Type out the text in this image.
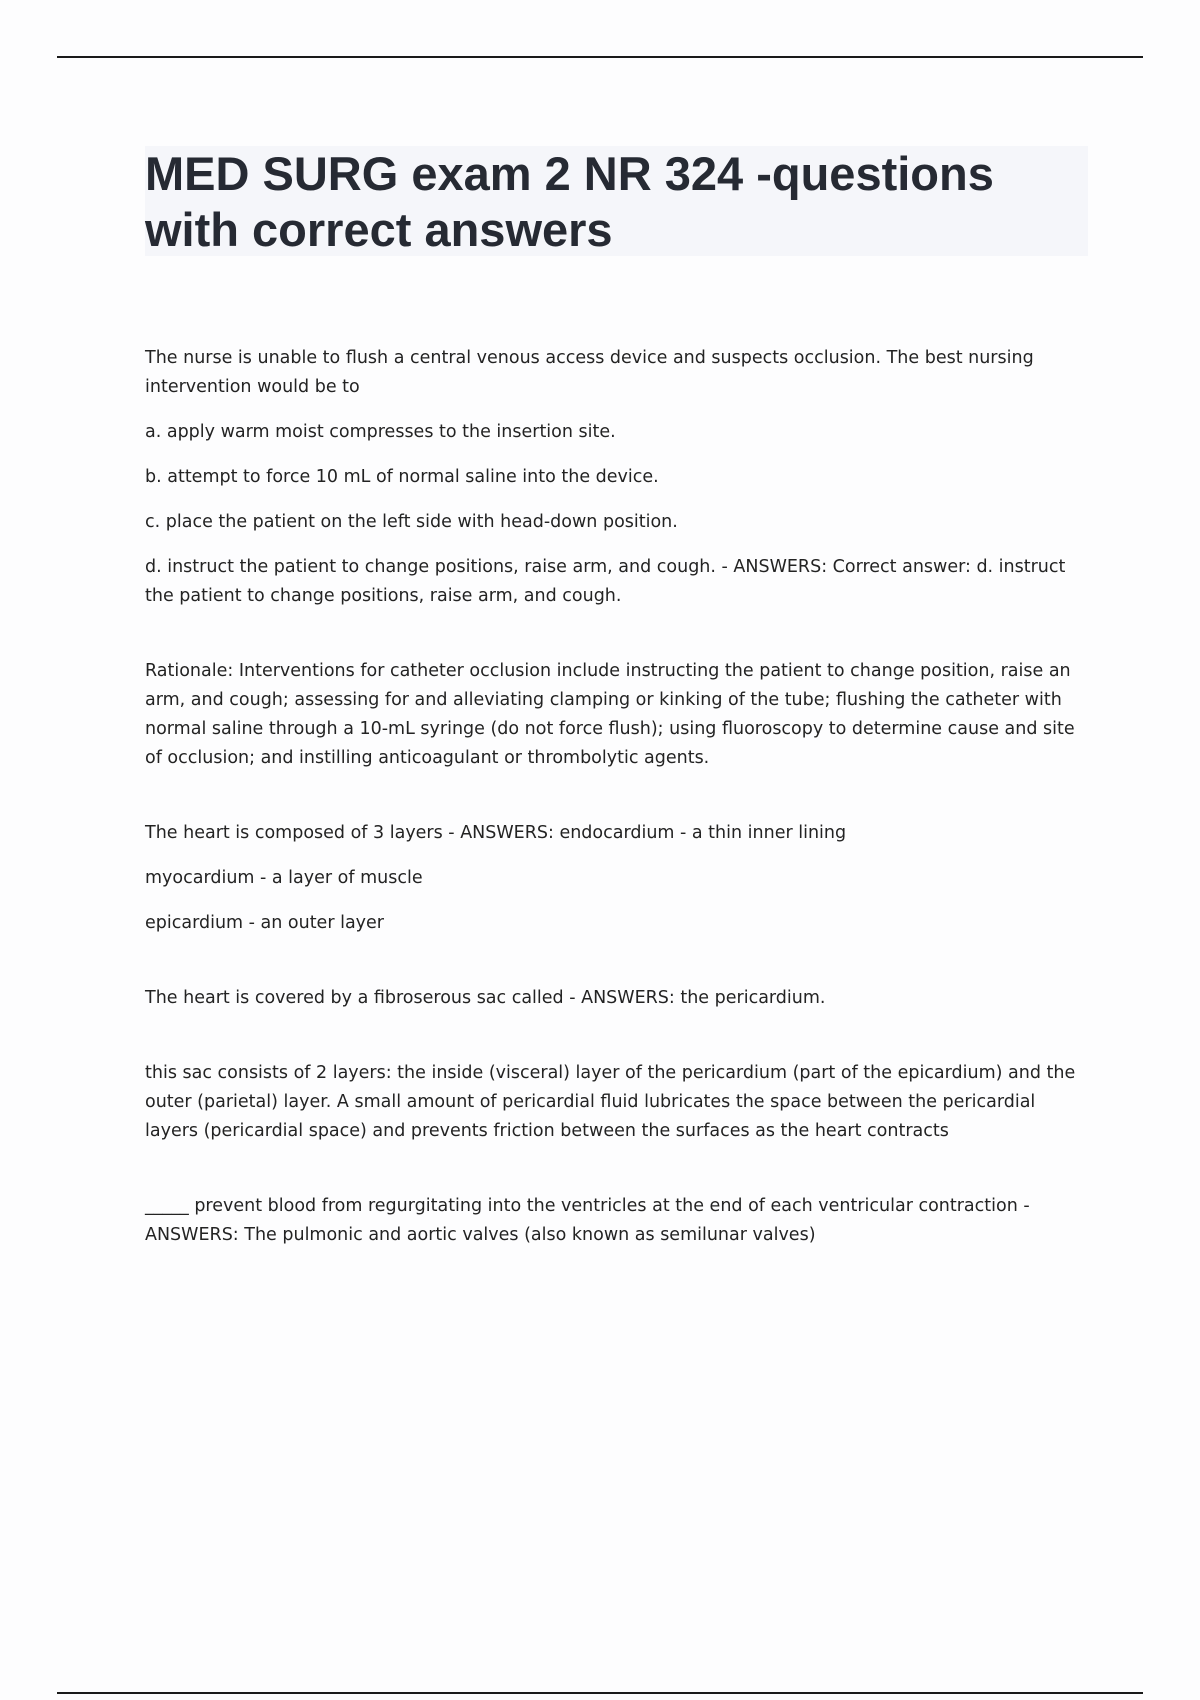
MED SURG exam 2 NR 324 -questions with correct answers

The nurse is unable to flush a central venous access device and suspects occlusion. The best nursing intervention would be to

a. apply warm moist compresses to the insertion site.

b. attempt to force 10 mL of normal saline into the device.

c. place the patient on the left side with head-down position.

d. instruct the patient to change positions, raise arm, and cough. - ANSWERS: Correct answer: d. instruct the patient to change positions, raise arm, and cough.

Rationale: Interventions for catheter occlusion include instructing the patient to change position, raise an arm, and cough; assessing for and alleviating clamping or kinking of the tube; flushing the catheter with normal saline through a 10-mL syringe (do not force flush); using fluoroscopy to determine cause and site of occlusion; and instilling anticoagulant or thrombolytic agents.

The heart is composed of 3 layers - ANSWERS: endocardium - a thin inner lining

myocardium - a layer of muscle

epicardium - an outer layer

The heart is covered by a fibroserous sac called - ANSWERS: the pericardium.

this sac consists of 2 layers: the inside (visceral) layer of the pericardium (part of the epicardium) and the outer (parietal) layer. A small amount of pericardial fluid lubricates the space between the pericardial layers (pericardial space) and prevents friction between the surfaces as the heart contracts

_____ prevent blood from regurgitating into the ventricles at the end of each ventricular contraction - ANSWERS: The pulmonic and aortic valves (also known as semilunar valves)
